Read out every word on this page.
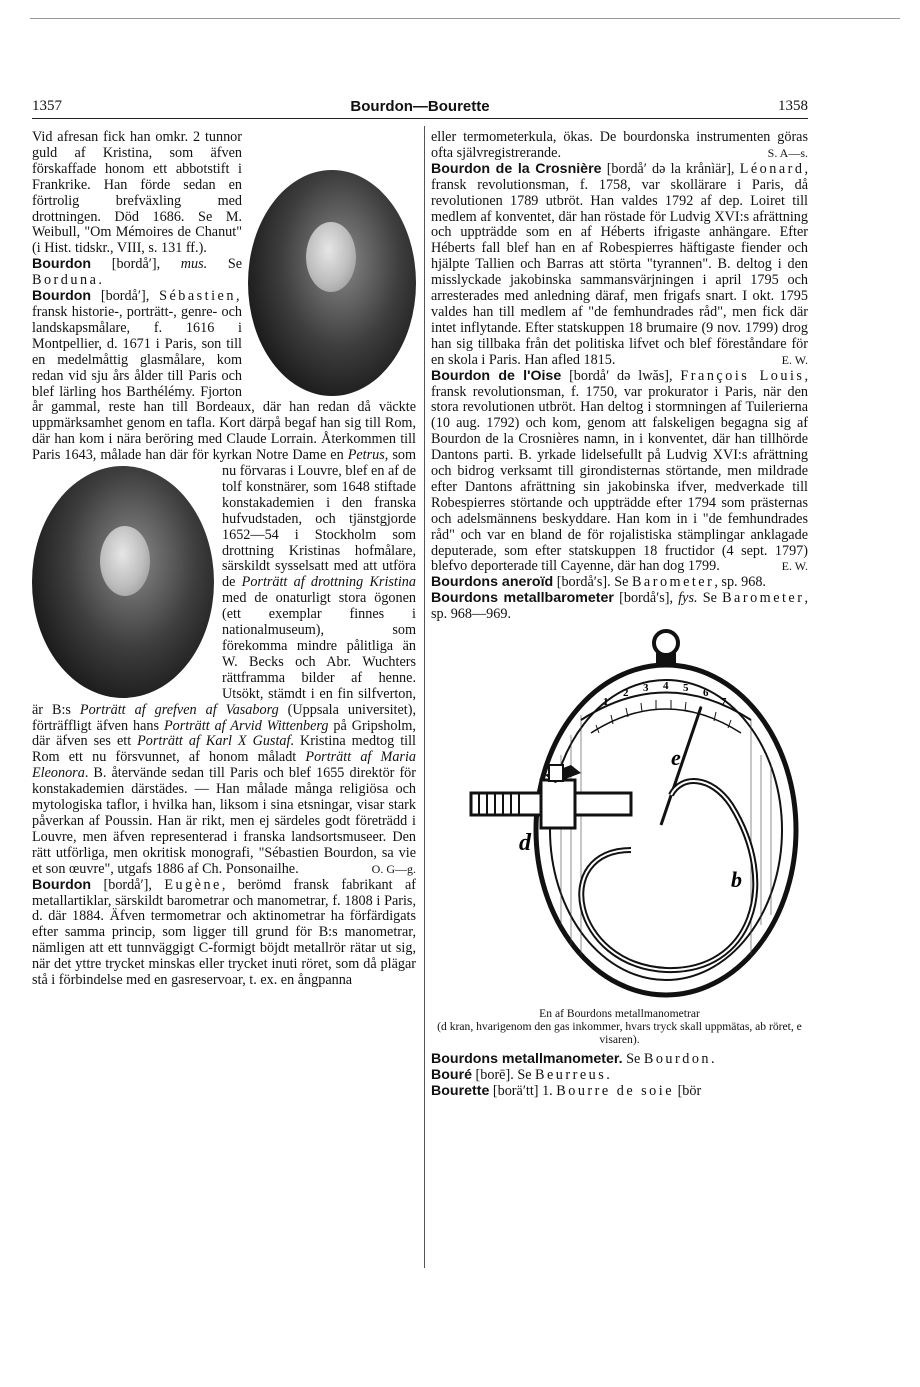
1357	Bourdon—Bourette	1358

Vid afresan fick han omkr. 2 tunnor guld af Kristina, som äfven förskaffade honom ett abbotstift i Frankrike. Han förde sedan en förtrolig brefväxling med drottningen. Död 1686. Se M. Weibull, "Om Mémoires de Chanut" (i Hist. tidskr., VIII, s. 131 ff.).

Bourdon [bordå′], mus. Se Borduna.

Bourdon [bordå′], Sébastien, fransk historie-, porträtt-, genre- och landskapsmålare, f. 1616 i Montpellier, d. 1671 i Paris, son till en medelmåttig glasmålare, kom redan vid sju års ålder till Paris och blef lärling hos Barthélémy. Fjorton år gammal, reste han till Bordeaux, där han redan då väckte uppmärksamhet genom en tafla. Kort därpå begaf han sig till Rom, där han kom i nära beröring med Claude Lorrain. Återkommen till Paris 1643, målade han där för kyrkan Notre Dame en
Petrus, som nu förvaras i Louvre, blef en af de tolf konstnärer, som 1648 stiftade konstakademien i den franska hufvudstaden, och tjänstgjorde 1652—54 i Stockholm som drottning Kristinas hofmålare, särskildt sysselsatt med att utföra de Porträtt af drottning Kristina med de onaturligt stora ögonen (ett exemplar finnes i nationalmuseum), som förekomma mindre pålitliga än W. Becks och Abr. Wuchters rättframma bilder af henne. Utsökt, stämdt i en fin silfverton, är B:s Porträtt af grefven af Vasaborg (Uppsala universitet), förträffligt äfven hans Porträtt af Arvid Wittenberg på Gripsholm, där äfven ses ett Porträtt af Karl X Gustaf. Kristina medtog till Rom ett nu försvunnet, af honom måladt Porträtt af Maria Eleonora. B. återvände sedan till Paris och blef 1655 direktör för konstakademien därstädes. — Han målade många religiösa och mytologiska taflor, i hvilka han, liksom i sina etsningar, visar stark påverkan af Poussin. Han är rikt, men ej särdeles godt företrädd i Louvre, men äfven representerad i franska landsortsmuseer. Den rätt utförliga, men okritisk monografi, "Sébastien Bourdon, sa vie et son œuvre", utgafs 1886 af Ch. Ponsonailhe.	O. G—g.

Bourdon [bordå′], Eugène, berömd fransk fabrikant af metallartiklar, särskildt barometrar och manometrar, f. 1808 i Paris, d. där 1884. Äfven termometrar och aktinometrar ha förfärdigats efter samma princip, som ligger till grund för B:s manometrar, nämligen att ett tunnväggigt C-formigt böjdt metallrör rätar ut sig, när det yttre trycket minskas eller trycket inuti röret, som då plägar stå i förbindelse med en gasreservoar, t. ex. en ångpanna

eller termometerkula, ökas. De bourdonska instrumenten göras ofta självregistrerande.	S. A—s.

Bourdon de la Crosnière [bordå′ də la krånìär], Léonard, fransk revolutionsman, f. 1758, var skollärare i Paris, då revolutionen 1789 utbröt. Han valdes 1792 af dep. Loiret till medlem af konventet, där han röstade för Ludvig XVI:s afrättning och uppträdde som en af Héberts ifrigaste anhängare. Efter Héberts fall blef han en af Robespierres häftigaste fiender och hjälpte Tallien och Barras att störta "tyrannen". B. deltog i den misslyckade jakobinska sammansvärjningen i april 1795 och arresterades med anledning däraf, men frigafs snart. I okt. 1795 valdes han till medlem af "de femhundrades råd", men fick där intet inflytande. Efter statskuppen 18 brumaire (9 nov. 1799) drog han sig tillbaka från det politiska lifvet och blef föreståndare för en skola i Paris. Han afled 1815.	E. W.

Bourdon de l'Oise [bordå′ də lwăs], François Louis, fransk revolutionsman, f. 1750, var prokurator i Paris, när den stora revolutionen utbröt. Han deltog i stormningen af Tuilerierna (10 aug. 1792) och kom, genom att falskeligen begagna sig af Bourdon de la Crosnières namn, in i konventet, där han tillhörde Dantons parti. B. yrkade lidelsefullt på Ludvig XVI:s afrättning och bidrog verksamt till girondisternas störtande, men mildrade efter Dantons afrättning sin jakobinska ifver, medverkade till Robespierres störtande och uppträdde efter 1794 som prästernas och adelsmännens beskyddare. Han kom in i "de femhundrades råd" och var en bland de för rojalistiska stämplingar anklagade deputerade, som efter statskuppen 18 fructidor (4 sept. 1797) blefvo deporterade till Cayenne, där han dog 1799.	E. W.

Bourdons aneroïd [bordå′s]. Se Barometer, sp. 968.

Bourdons metallbarometer [bordå′s], fys. Se Barometer, sp. 968—969.

1
2 3 4 5 6
7
e
d
b
En af Bourdons metallmanometrar
(d kran, hvarigenom den gas inkommer, hvars tryck skall uppmätas, ab röret, e visaren).

Bourdons metallmanometer. Se Bourdon.

Bouré [borē]. Se Beurreus.

Bourette [borä′tt] 1. Bourre de soie [bör
